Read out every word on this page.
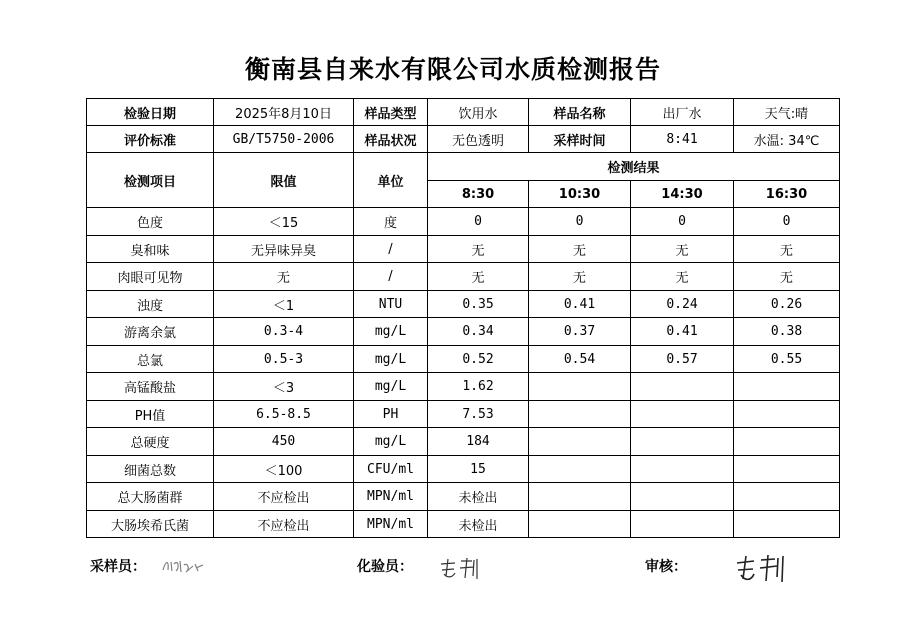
衡南县自来水有限公司水质检测报告
检验日期	2025年8月10日	样品类型	饮用水	样品名称	出厂水	天气:晴
评价标准	GB/T5750-2006	样品状况	无色透明	采样时间	8:41	水温: 34℃
检测项目	限值	单位	检测结果			
			8:30	10:30	14:30	16:30
色度	＜15	度	0	0	0	0
臭和味	无异味异臭	/	无	无	无	无
肉眼可见物	无	/	无	无	无	无
浊度	＜1	NTU	0.35	0.41	0.24	0.26
游离余氯	0.3-4	mg/L	0.34	0.37	0.41	0.38
总氯	0.5-3	mg/L	0.52	0.54	0.57	0.55
高锰酸盐	＜3	mg/L	1.62			
PH值	6.5-8.5	PH	7.53			
总硬度	450	mg/L	184			
细菌总数	＜100	CFU/ml	15			
总大肠菌群	不应检出	MPN/ml	未检出			
大肠埃希氏菌	不应检出	MPN/ml	未检出			
采样员：	化验员：	审核：
